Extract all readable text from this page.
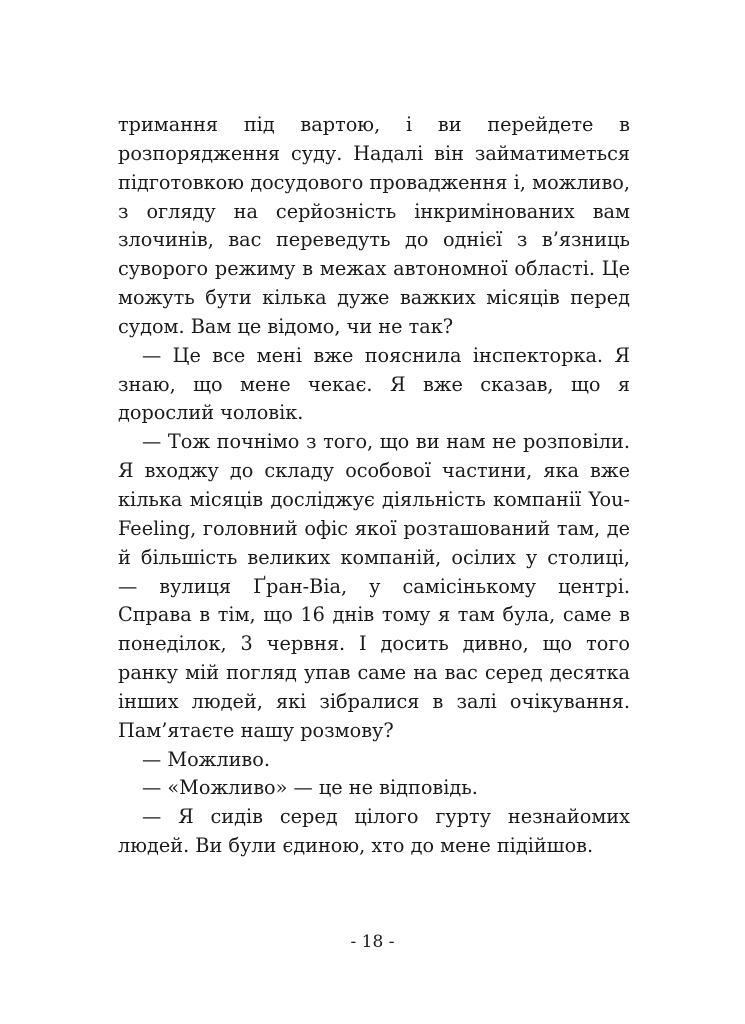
тримання під вартою, і ви перейдете в розпорядження суду. Надалі він займатиметься підготовкою досудового провадження і, можливо, з огляду на серйозність інкримінованих вам злочинів, вас переведуть до однієї з в’язниць суворого режиму в межах автономної області. Це можуть бути кілька дуже важких місяців перед судом. Вам це відомо, чи не так?

— Це все мені вже пояснила інспекторка. Я знаю, що мене чекає. Я вже сказав, що я дорослий чоловік.

— Тож почнімо з того, що ви нам не розповіли. Я входжу до складу особової частини, яка вже кілька місяців досліджує діяльність компанії You-Feeling, головний офіс якої розташований там, де й більшість великих компаній, осілих у столиці, — вулиця Ґран-Віа, у самісінькому центрі. Справа в тім, що 16 днів тому я там була, саме в понеділок, 3 червня. І досить дивно, що того ранку мій погляд упав саме на вас серед десятка інших людей, які зібралися в залі очікування. Пам’ятаєте нашу розмову?

— Можливо.

— «Можливо» — це не відповідь.

— Я сидів серед цілого гурту незнайомих людей. Ви були єдиною, хто до мене підійшов.

- 18 -
